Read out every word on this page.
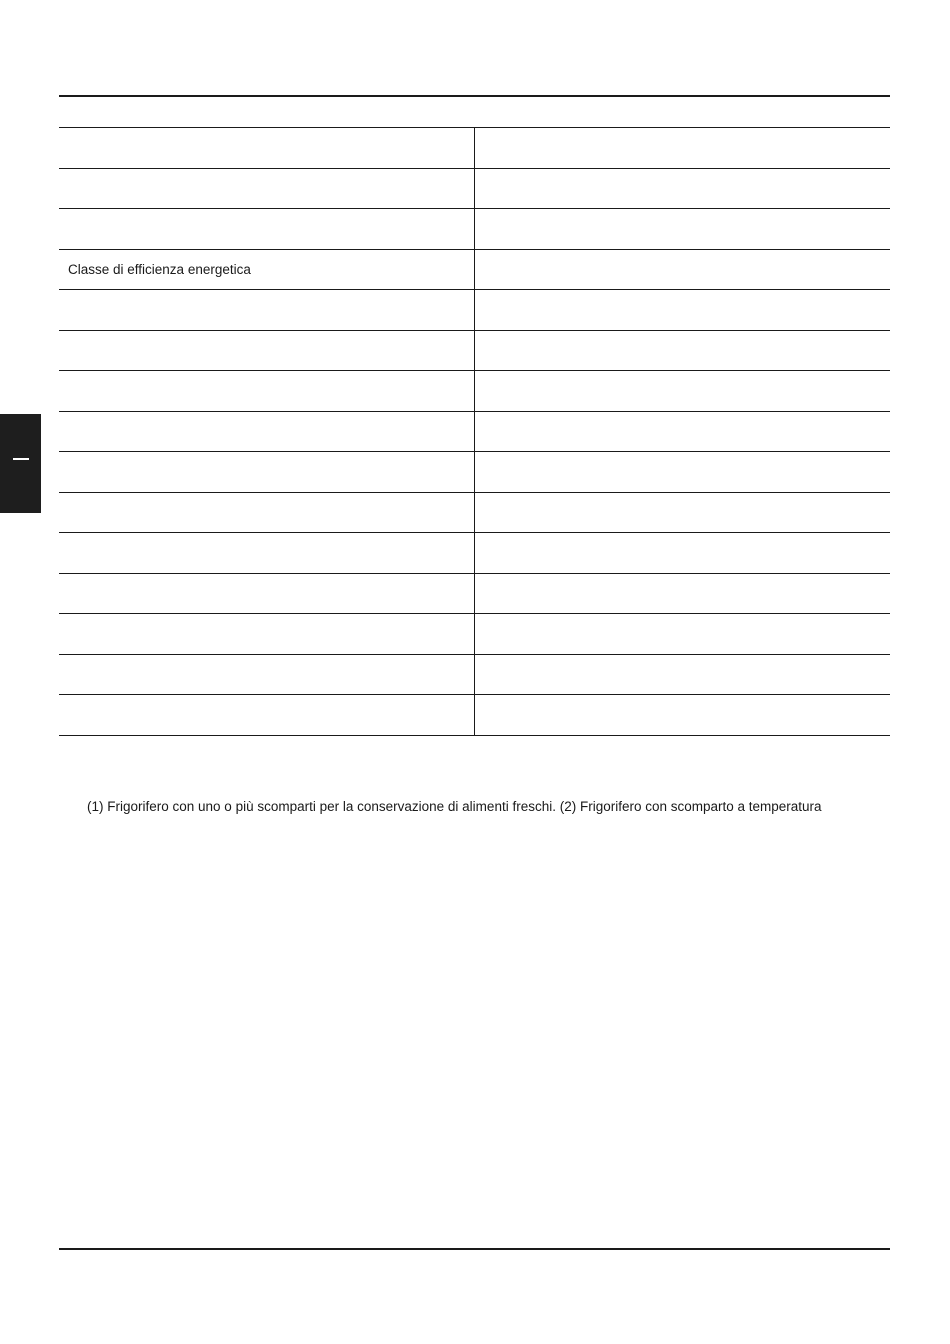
Classe di efficienza energetica	

(1) Frigorifero con uno o più scomparti per la conservazione di alimenti freschi. (2) Frigorifero con scomparto a temperatura
